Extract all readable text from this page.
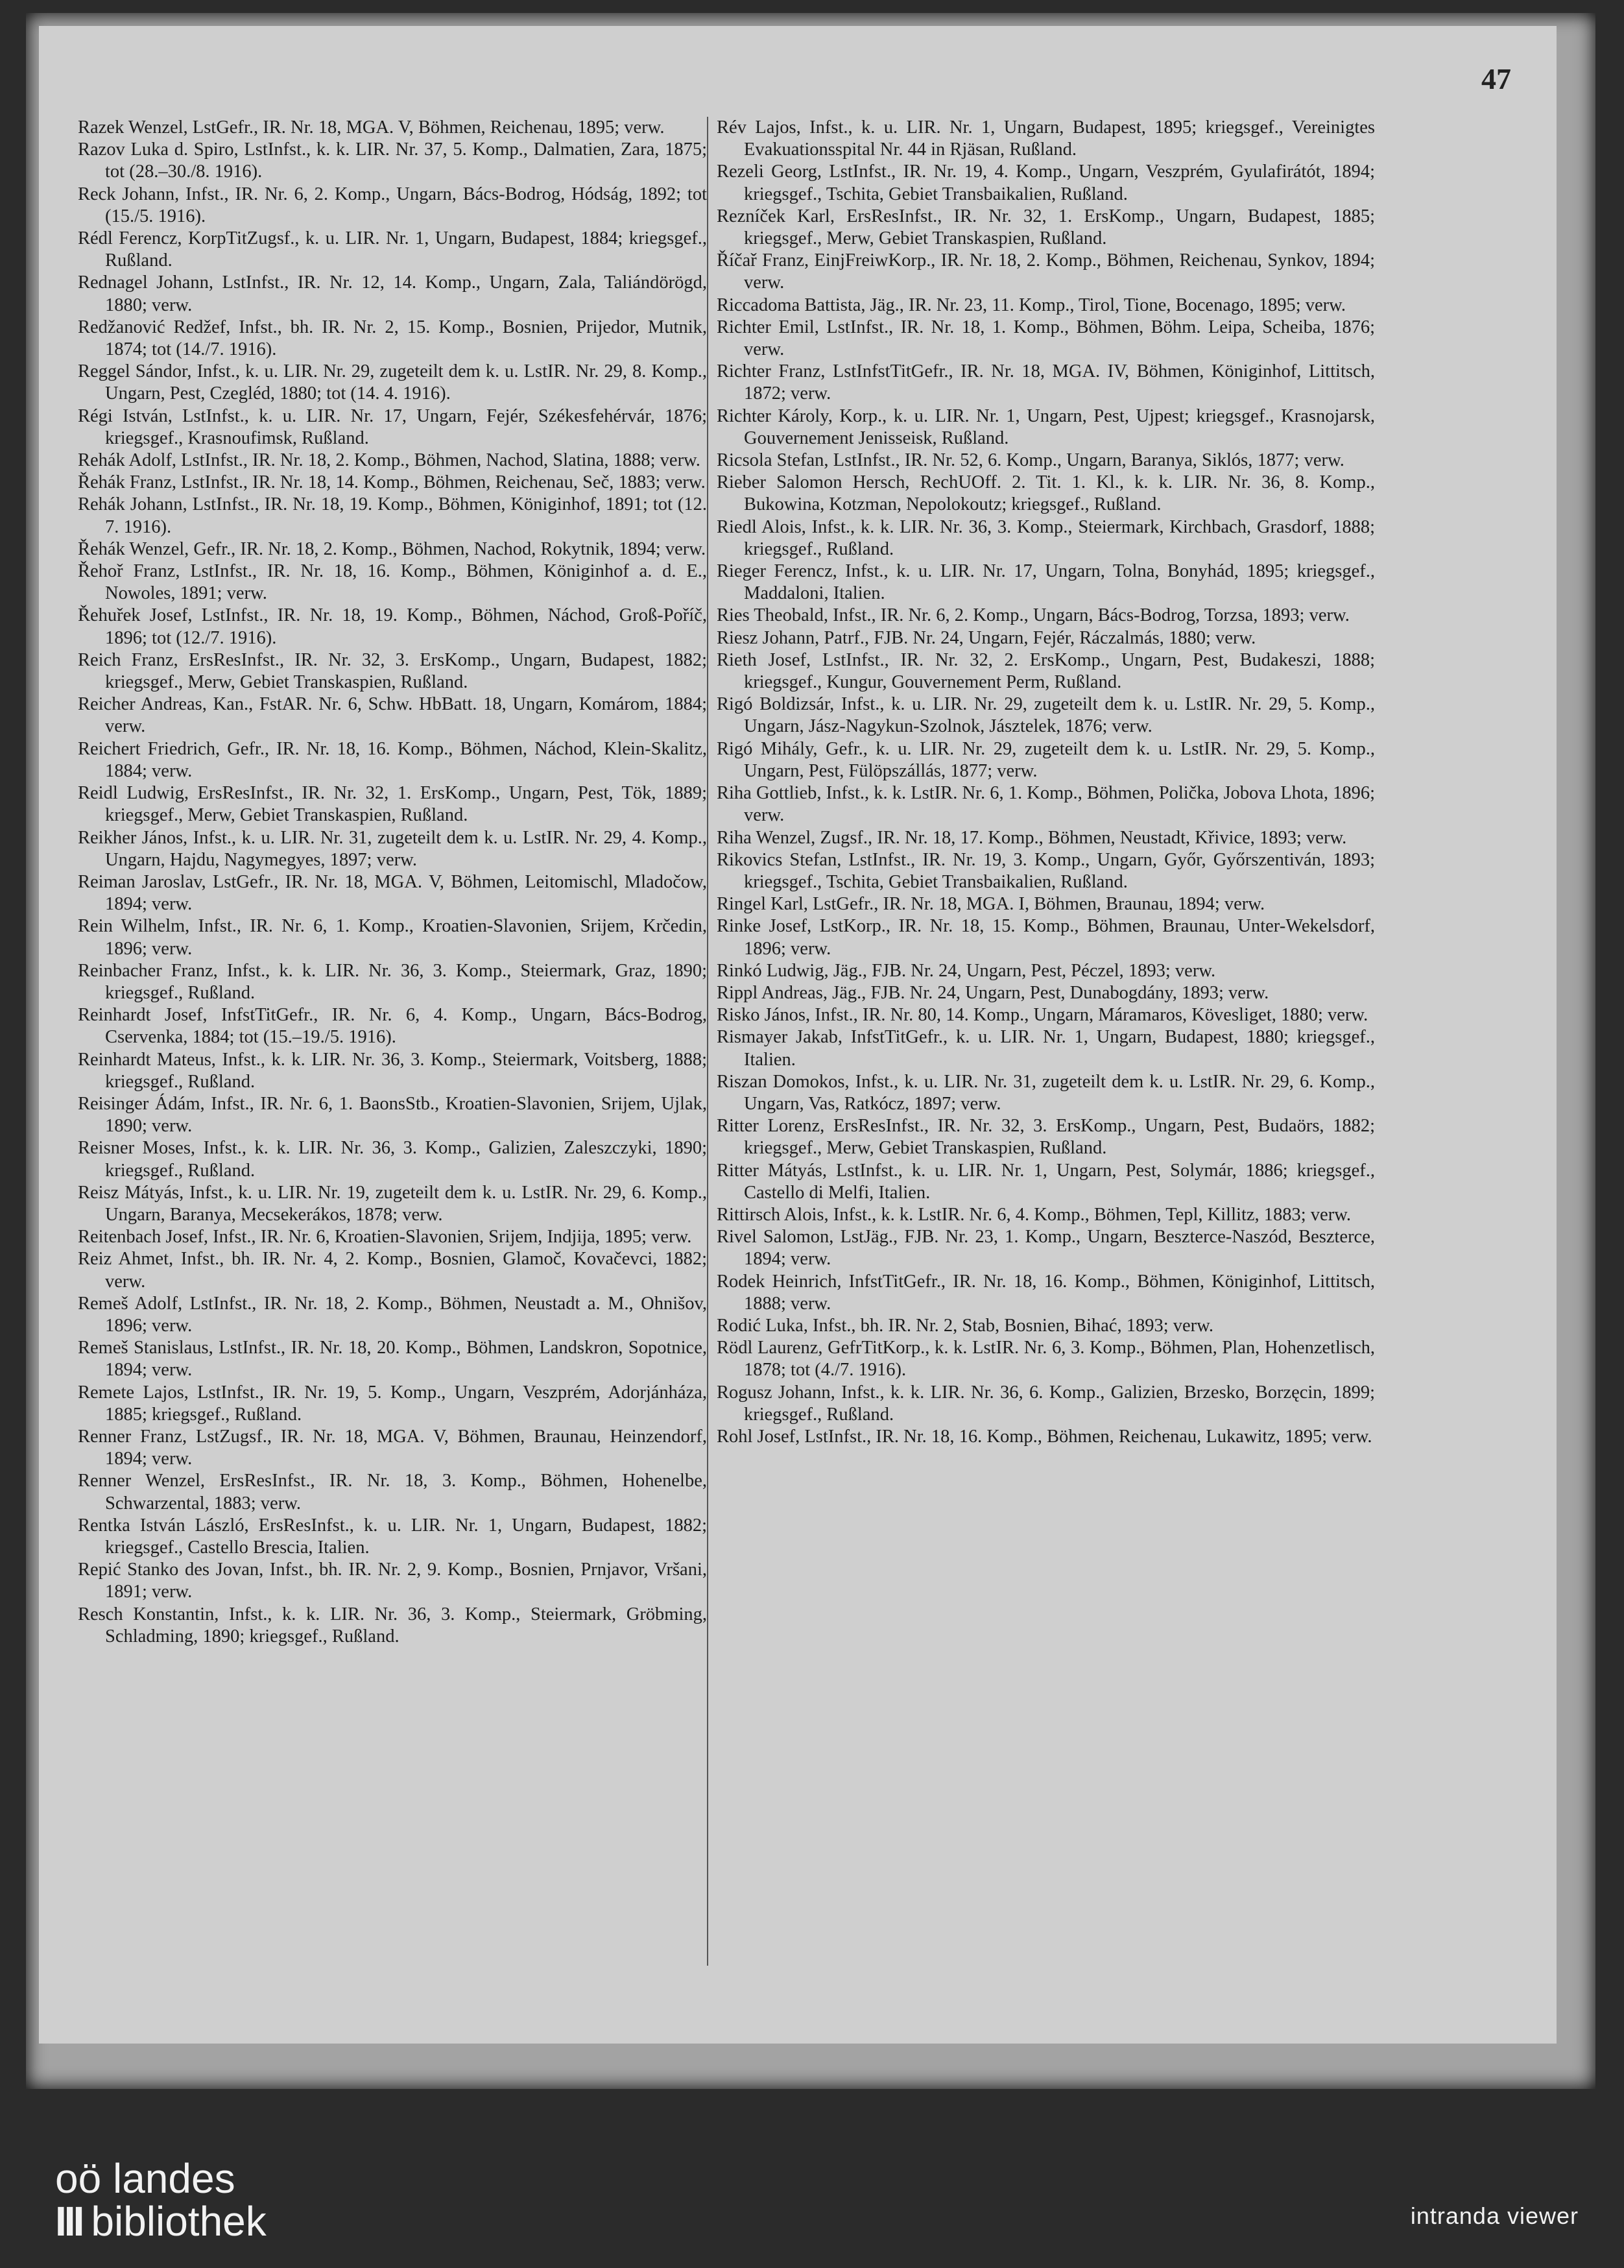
47

Razek Wenzel, LstGefr., IR. Nr. 18, MGA. V, Böhmen, Reichenau, 1895; verw.

Razov Luka d. Spiro, LstInfst., k. k. LIR. Nr. 37, 5. Komp., Dalmatien, Zara, 1875; tot (28.–30./8. 1916).

Reck Johann, Infst., IR. Nr. 6, 2. Komp., Ungarn, Bács-Bodrog, Hódság, 1892; tot (15./5. 1916).

Rédl Ferencz, KorpTitZugsf., k. u. LIR. Nr. 1, Ungarn, Budapest, 1884; kriegsgef., Rußland.

Rednagel Johann, LstInfst., IR. Nr. 12, 14. Komp., Ungarn, Zala, Taliándörögd, 1880; verw.

Redžanović Redžef, Infst., bh. IR. Nr. 2, 15. Komp., Bosnien, Prijedor, Mutnik, 1874; tot (14./7. 1916).

Reggel Sándor, Infst., k. u. LIR. Nr. 29, zugeteilt dem k. u. LstIR. Nr. 29, 8. Komp., Ungarn, Pest, Czegléd, 1880; tot (14. 4. 1916).

Régi István, LstInfst., k. u. LIR. Nr. 17, Ungarn, Fejér, Székesfehérvár, 1876; kriegsgef., Krasnoufimsk, Rußland.

Rehák Adolf, LstInfst., IR. Nr. 18, 2. Komp., Böhmen, Nachod, Slatina, 1888; verw.

Řehák Franz, LstInfst., IR. Nr. 18, 14. Komp., Böhmen, Reichenau, Seč, 1883; verw.

Rehák Johann, LstInfst., IR. Nr. 18, 19. Komp., Böhmen, Königinhof, 1891; tot (12. 7. 1916).

Řehák Wenzel, Gefr., IR. Nr. 18, 2. Komp., Böhmen, Nachod, Rokytnik, 1894; verw.

Řehoř Franz, LstInfst., IR. Nr. 18, 16. Komp., Böhmen, Königinhof a. d. E., Nowoles, 1891; verw.

Řehuřek Josef, LstInfst., IR. Nr. 18, 19. Komp., Böhmen, Náchod, Groß-Poříč, 1896; tot (12./7. 1916).

Reich Franz, ErsResInfst., IR. Nr. 32, 3. ErsKomp., Ungarn, Budapest, 1882; kriegsgef., Merw, Gebiet Transkaspien, Rußland.

Reicher Andreas, Kan., FstAR. Nr. 6, Schw. HbBatt. 18, Ungarn, Komárom, 1884; verw.

Reichert Friedrich, Gefr., IR. Nr. 18, 16. Komp., Böhmen, Náchod, Klein-Skalitz, 1884; verw.

Reidl Ludwig, ErsResInfst., IR. Nr. 32, 1. ErsKomp., Ungarn, Pest, Tök, 1889; kriegsgef., Merw, Gebiet Transkaspien, Rußland.

Reikher János, Infst., k. u. LIR. Nr. 31, zugeteilt dem k. u. LstIR. Nr. 29, 4. Komp., Ungarn, Hajdu, Nagymegyes, 1897; verw.

Reiman Jaroslav, LstGefr., IR. Nr. 18, MGA. V, Böhmen, Leitomischl, Mladočow, 1894; verw.

Rein Wilhelm, Infst., IR. Nr. 6, 1. Komp., Kroatien-Slavonien, Srijem, Krčedin, 1896; verw.

Reinbacher Franz, Infst., k. k. LIR. Nr. 36, 3. Komp., Steiermark, Graz, 1890; kriegsgef., Rußland.

Reinhardt Josef, InfstTitGefr., IR. Nr. 6, 4. Komp., Ungarn, Bács-Bodrog, Cservenka, 1884; tot (15.–19./5. 1916).

Reinhardt Mateus, Infst., k. k. LIR. Nr. 36, 3. Komp., Steiermark, Voitsberg, 1888; kriegsgef., Rußland.

Reisinger Ádám, Infst., IR. Nr. 6, 1. BaonsStb., Kroatien-Slavonien, Srijem, Ujlak, 1890; verw.

Reisner Moses, Infst., k. k. LIR. Nr. 36, 3. Komp., Galizien, Zaleszczyki, 1890; kriegsgef., Rußland.

Reisz Mátyás, Infst., k. u. LIR. Nr. 19, zugeteilt dem k. u. LstIR. Nr. 29, 6. Komp., Ungarn, Baranya, Mecsekerákos, 1878; verw.

Reitenbach Josef, Infst., IR. Nr. 6, Kroatien-Slavonien, Srijem, Indjija, 1895; verw.

Reiz Ahmet, Infst., bh. IR. Nr. 4, 2. Komp., Bosnien, Glamoč, Kovačevci, 1882; verw.

Remeš Adolf, LstInfst., IR. Nr. 18, 2. Komp., Böhmen, Neustadt a. M., Ohnišov, 1896; verw.

Remeš Stanislaus, LstInfst., IR. Nr. 18, 20. Komp., Böhmen, Landskron, Sopotnice, 1894; verw.

Remete Lajos, LstInfst., IR. Nr. 19, 5. Komp., Ungarn, Veszprém, Adorjánháza, 1885; kriegsgef., Rußland.

Renner Franz, LstZugsf., IR. Nr. 18, MGA. V, Böhmen, Braunau, Heinzendorf, 1894; verw.

Renner Wenzel, ErsResInfst., IR. Nr. 18, 3. Komp., Böhmen, Hohenelbe, Schwarzental, 1883; verw.

Rentka István László, ErsResInfst., k. u. LIR. Nr. 1, Ungarn, Budapest, 1882; kriegsgef., Castello Brescia, Italien.

Repić Stanko des Jovan, Infst., bh. IR. Nr. 2, 9. Komp., Bosnien, Prnjavor, Vršani, 1891; verw.

Resch Konstantin, Infst., k. k. LIR. Nr. 36, 3. Komp., Steiermark, Gröbming, Schladming, 1890; kriegsgef., Rußland.

Rév Lajos, Infst., k. u. LIR. Nr. 1, Ungarn, Budapest, 1895; kriegsgef., Vereinigtes Evakuationsspital Nr. 44 in Rjäsan, Rußland.

Rezeli Georg, LstInfst., IR. Nr. 19, 4. Komp., Ungarn, Veszprém, Gyulafirátót, 1894; kriegsgef., Tschita, Gebiet Transbaikalien, Rußland.

Rezníček Karl, ErsResInfst., IR. Nr. 32, 1. ErsKomp., Ungarn, Budapest, 1885; kriegsgef., Merw, Gebiet Transkaspien, Rußland.

Říčař Franz, EinjFreiwKorp., IR. Nr. 18, 2. Komp., Böhmen, Reichenau, Synkov, 1894; verw.

Riccadoma Battista, Jäg., IR. Nr. 23, 11. Komp., Tirol, Tione, Bocenago, 1895; verw.

Richter Emil, LstInfst., IR. Nr. 18, 1. Komp., Böhmen, Böhm. Leipa, Scheiba, 1876; verw.

Richter Franz, LstInfstTitGefr., IR. Nr. 18, MGA. IV, Böhmen, Königinhof, Littitsch, 1872; verw.

Richter Károly, Korp., k. u. LIR. Nr. 1, Ungarn, Pest, Ujpest; kriegsgef., Krasnojarsk, Gouvernement Jenisseisk, Rußland.

Ricsola Stefan, LstInfst., IR. Nr. 52, 6. Komp., Ungarn, Baranya, Siklós, 1877; verw.

Rieber Salomon Hersch, RechUOff. 2. Tit. 1. Kl., k. k. LIR. Nr. 36, 8. Komp., Bukowina, Kotzman, Nepolokoutz; kriegsgef., Rußland.

Riedl Alois, Infst., k. k. LIR. Nr. 36, 3. Komp., Steiermark, Kirchbach, Grasdorf, 1888; kriegsgef., Rußland.

Rieger Ferencz, Infst., k. u. LIR. Nr. 17, Ungarn, Tolna, Bonyhád, 1895; kriegsgef., Maddaloni, Italien.

Ries Theobald, Infst., IR. Nr. 6, 2. Komp., Ungarn, Bács-Bodrog, Torzsa, 1893; verw.

Riesz Johann, Patrf., FJB. Nr. 24, Ungarn, Fejér, Ráczalmás, 1880; verw.

Rieth Josef, LstInfst., IR. Nr. 32, 2. ErsKomp., Ungarn, Pest, Budakeszi, 1888; kriegsgef., Kungur, Gouvernement Perm, Rußland.

Rigó Boldizsár, Infst., k. u. LIR. Nr. 29, zugeteilt dem k. u. LstIR. Nr. 29, 5. Komp., Ungarn, Jász-Nagykun-Szolnok, Jásztelek, 1876; verw.

Rigó Mihály, Gefr., k. u. LIR. Nr. 29, zugeteilt dem k. u. LstIR. Nr. 29, 5. Komp., Ungarn, Pest, Fülöpszállás, 1877; verw.

Riha Gottlieb, Infst., k. k. LstIR. Nr. 6, 1. Komp., Böhmen, Polička, Jobova Lhota, 1896; verw.

Riha Wenzel, Zugsf., IR. Nr. 18, 17. Komp., Böhmen, Neustadt, Křivice, 1893; verw.

Rikovics Stefan, LstInfst., IR. Nr. 19, 3. Komp., Ungarn, Győr, Győrszentiván, 1893; kriegsgef., Tschita, Gebiet Transbaikalien, Rußland.

Ringel Karl, LstGefr., IR. Nr. 18, MGA. I, Böhmen, Braunau, 1894; verw.

Rinke Josef, LstKorp., IR. Nr. 18, 15. Komp., Böhmen, Braunau, Unter-Wekelsdorf, 1896; verw.

Rinkó Ludwig, Jäg., FJB. Nr. 24, Ungarn, Pest, Péczel, 1893; verw.

Rippl Andreas, Jäg., FJB. Nr. 24, Ungarn, Pest, Dunabogdány, 1893; verw.

Risko János, Infst., IR. Nr. 80, 14. Komp., Ungarn, Máramaros, Kövesliget, 1880; verw.

Rismayer Jakab, InfstTitGefr., k. u. LIR. Nr. 1, Ungarn, Budapest, 1880; kriegsgef., Italien.

Riszan Domokos, Infst., k. u. LIR. Nr. 31, zugeteilt dem k. u. LstIR. Nr. 29, 6. Komp., Ungarn, Vas, Ratkócz, 1897; verw.

Ritter Lorenz, ErsResInfst., IR. Nr. 32, 3. ErsKomp., Ungarn, Pest, Budaörs, 1882; kriegsgef., Merw, Gebiet Transkaspien, Rußland.

Ritter Mátyás, LstInfst., k. u. LIR. Nr. 1, Ungarn, Pest, Solymár, 1886; kriegsgef., Castello di Melfi, Italien.

Rittirsch Alois, Infst., k. k. LstIR. Nr. 6, 4. Komp., Böhmen, Tepl, Killitz, 1883; verw.

Rivel Salomon, LstJäg., FJB. Nr. 23, 1. Komp., Ungarn, Beszterce-Naszód, Beszterce, 1894; verw.

Rodek Heinrich, InfstTitGefr., IR. Nr. 18, 16. Komp., Böhmen, Königinhof, Littitsch, 1888; verw.

Rodić Luka, Infst., bh. IR. Nr. 2, Stab, Bosnien, Bihać, 1893; verw.

Rödl Laurenz, GefrTitKorp., k. k. LstIR. Nr. 6, 3. Komp., Böhmen, Plan, Hohenzetlisch, 1878; tot (4./7. 1916).

Rogusz Johann, Infst., k. k. LIR. Nr. 36, 6. Komp., Galizien, Brzesko, Borzęcin, 1899; kriegsgef., Rußland.

Rohl Josef, LstInfst., IR. Nr. 18, 16. Komp., Böhmen, Reichenau, Lukawitz, 1895; verw.

oö landes
III bibliothek	intranda viewer
